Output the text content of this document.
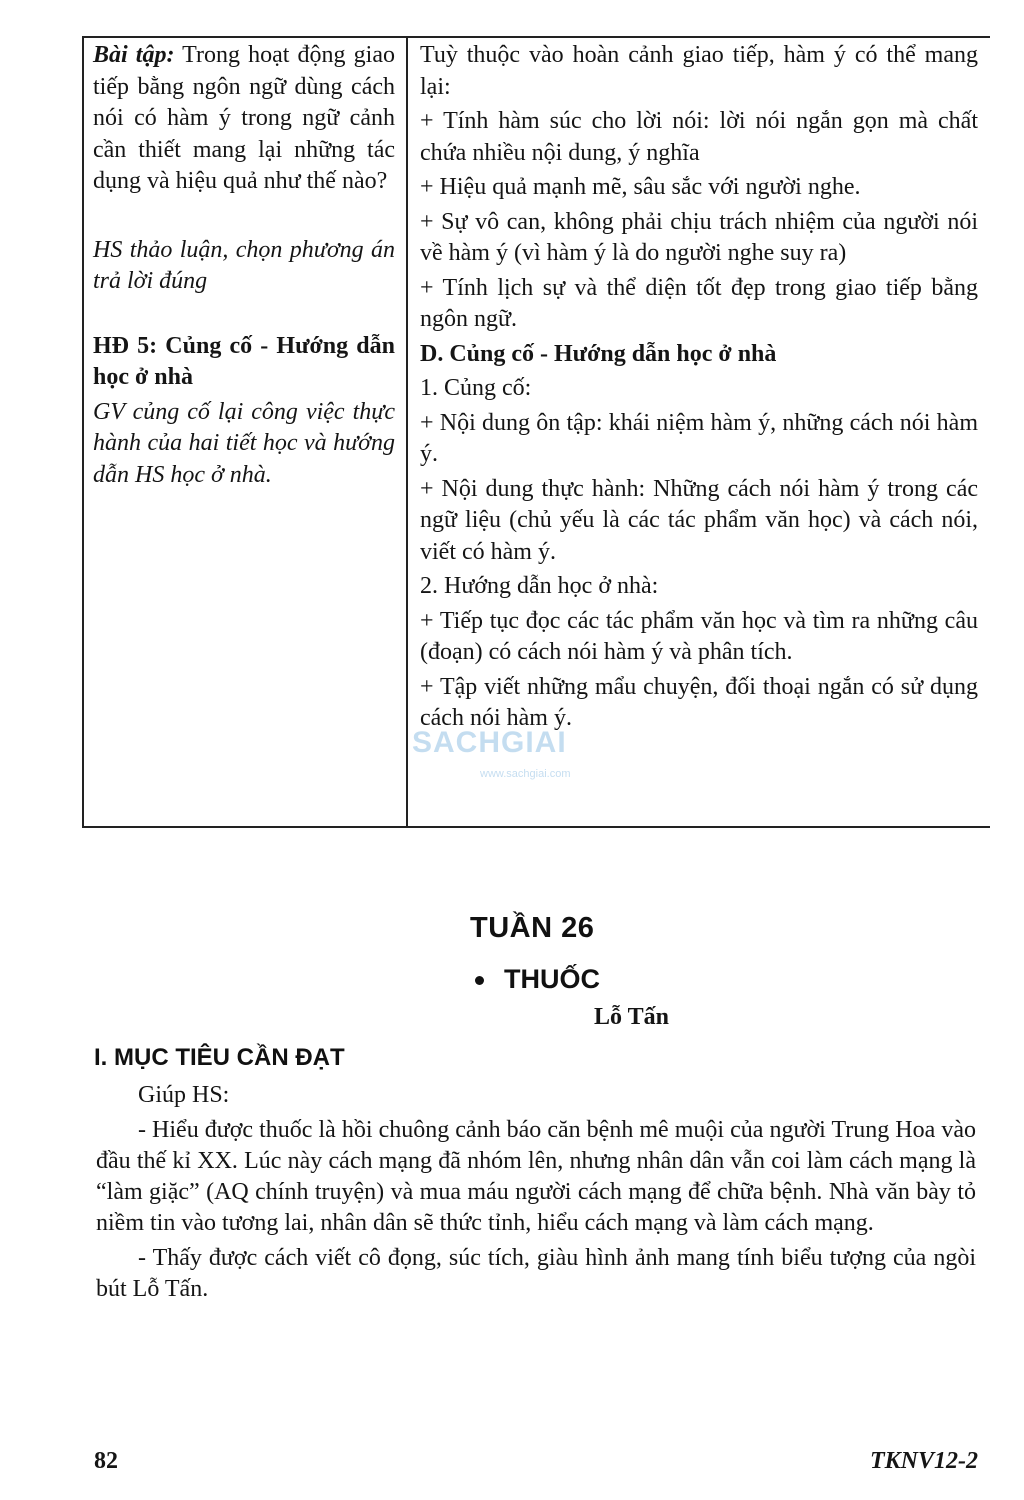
Bài tập: Trong hoạt động giao tiếp bằng ngôn ngữ dùng cách nói có hàm ý trong ngữ cảnh cần thiết mang lại những tác dụng và hiệu quả như thế nào?

HS thảo luận, chọn phương án trả lời đúng

HĐ 5: Củng cố - Hướng dẫn học ở nhà

GV củng cố lại công việc thực hành của hai tiết học và hướng dẫn HS học ở nhà.

Tuỳ thuộc vào hoàn cảnh giao tiếp, hàm ý có thể mang lại:

+ Tính hàm súc cho lời nói: lời nói ngắn gọn mà chất chứa nhiều nội dung, ý nghĩa

+ Hiệu quả mạnh mẽ, sâu sắc với người nghe.

+ Sự vô can, không phải chịu trách nhiệm của người nói về hàm ý (vì hàm ý là do người nghe suy ra)

+ Tính lịch sự và thể diện tốt đẹp trong giao tiếp bằng ngôn ngữ.

D. Củng cố - Hướng dẫn học ở nhà

1. Củng cố:

+ Nội dung ôn tập: khái niệm hàm ý, những cách nói hàm ý.

+ Nội dung thực hành: Những cách nói hàm ý trong các ngữ liệu (chủ yếu là các tác phẩm văn học) và cách nói, viết có hàm ý.

2. Hướng dẫn học ở nhà:

+ Tiếp tục đọc các tác phẩm văn học và tìm ra những câu (đoạn) có cách nói hàm ý và phân tích.

+ Tập viết những mẩu chuyện, đối thoại ngắn có sử dụng cách nói hàm ý.

SACHGIAI
www.sachgiai.com
TUẦN 26
THUỐC
Lỗ Tấn
I. MỤC TIÊU CẦN ĐẠT

Giúp HS:

- Hiểu được thuốc là hồi chuông cảnh báo căn bệnh mê muội của người Trung Hoa vào đầu thế kỉ XX. Lúc này cách mạng đã nhóm lên, nhưng nhân dân vẫn coi làm cách mạng là “làm giặc” (AQ chính truyện) và mua máu người cách mạng để chữa bệnh. Nhà văn bày tỏ niềm tin vào tương lai, nhân dân sẽ thức tỉnh, hiểu cách mạng và làm cách mạng.

- Thấy được cách viết cô đọng, súc tích, giàu hình ảnh mang tính biểu tượng của ngòi bút Lỗ Tấn.

82	TKNV12-2
